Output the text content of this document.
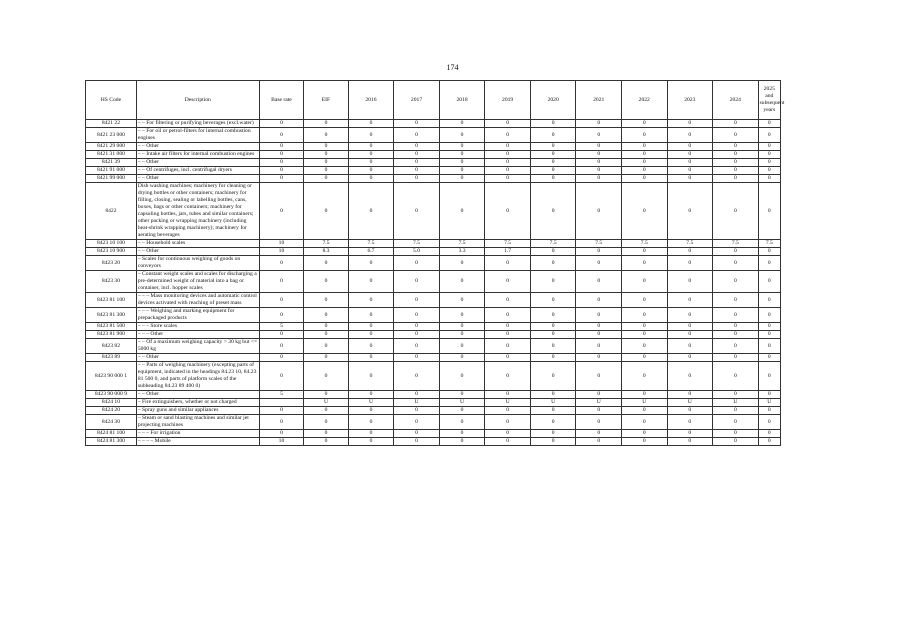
174
HS Code	Description	Base rate	EIF	2016	2017	2018	2019	2020	2021	2022	2023	2024	2025 and subsequent years
8421 22	– – For filtering or purifying beverages (excl.water)	0	0	0	0	0	0	0	0	0	0	0	0
8421 23 000	– – For oil or petrol-filters for internal combustion engines	0	0	0	0	0	0	0	0	0	0	0	0
8421 29 000	– – Other	0	0	0	0	0	0	0	0	0	0	0	0
8421 31 000	– – Intake air filters for internal combustion engines	0	0	0	0	0	0	0	0	0	0	0	0
8421 39	– – Other	0	0	0	0	0	0	0	0	0	0	0	0
8421 91 000	– – Of centrifuges, incl. centrifugal dryers	0	0	0	0	0	0	0	0	0	0	0	0
8421 99 000	– – Other	0	0	0	0	0	0	0	0	0	0	0	0
8422	Dish washing machines; machinery for cleaning or drying bottles or other containers; machinery for filling, closing, sealing or labelling bottles, cans, boxes, bags or other containers; machinery for capsuling bottles, jars, tubes and similar containers; other packing or wrapping machinery (including heat-shrink wrapping machinery); machinery for aerating beverages	0	0	0	0	0	0	0	0	0	0	0	0
8423 10 100	– – Household scales	10	7.5	7.5	7.5	7.5	7.5	7.5	7.5	7.5	7.5	7.5	7.5
8423 10 900	– – Other	10	8.3	6.7	5.0	3.3	1.7	0	0	0	0	0	0
8423 20	– Scales for continuous weighing of goods on conveyors	0	0	0	0	0	0	0	0	0	0	0	0
8423 30	– Constant weight scales and scales for discharging a pre-determined weight of material into a bag or container, incl. hopper scales	0	0	0	0	0	0	0	0	0	0	0	0
8423 81 100	– – – Mass monitoring devices and automatic control devices activated with reaching of preset mass	0	0	0	0	0	0	0	0	0	0	0	0
8423 81 300	– – – Weighing and marking equipment for prepackaged products	0	0	0	0	0	0	0	0	0	0	0	0
8423 81 500	– – – Store scales	5	0	0	0	0	0	0	0	0	0	0	0
8423 81 900	– – – Other	0	0	0	0	0	0	0	0	0	0	0	0
8423 82	– – Of a maximum weighing capacity > 30 kg but <= 5000 kg	0	0	0	0	0	0	0	0	0	0	0	0
8423 89	– – Other	0	0	0	0	0	0	0	0	0	0	0	0
8423 90 000 1	– – Parts of weighing machinery (excepting parts of equipment, indicated in the headings 84.23 10, 84.23 81 500 0, and parts of platform scales of the subheading 84.23 89 400 0)	0	0	0	0	0	0	0	0	0	0	0	0
8423 90 000 9	– – Other	5	0	0	0	0	0	0	0	0	0	0	0
8424 10	– Fire extinguishers, whether or not charged		U	U	U	U	U	U	U	U	U	U	U
8424 20	– Spray guns and similar appliances	0	0	0	0	0	0	0	0	0	0	0	0
8424 30	– Steam or sand blasting machines and similar jet projecting machines	0	0	0	0	0	0	0	0	0	0	0	0
8424 81 100	– – – For irrigation	0	0	0	0	0	0	0	0	0	0	0	0
8424 81 300	– – – – Mobile	10	0	0	0	0	0	0	0	0	0	0	0
